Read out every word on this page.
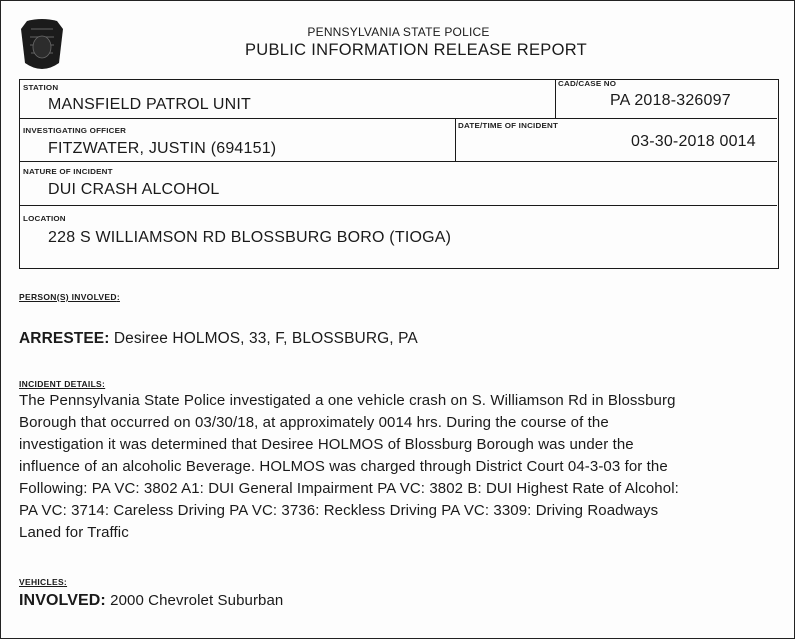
PENNSYLVANIA STATE POLICE
PUBLIC INFORMATION RELEASE REPORT
STATION
MANSFIELD PATROL UNIT
CAD/CASE NO
PA 2018-326097
INVESTIGATING OFFICER
FITZWATER, JUSTIN (694151)
DATE/TIME OF INCIDENT
03-30-2018 0014
NATURE OF INCIDENT
DUI CRASH ALCOHOL
LOCATION
228 S WILLIAMSON RD BLOSSBURG BORO (TIOGA)
PERSON(S) INVOLVED:
ARRESTEE: Desiree HOLMOS, 33, F, BLOSSBURG, PA
INCIDENT DETAILS:
The Pennsylvania State Police investigated a one vehicle crash on S. Williamson Rd in Blossburg
Borough that occurred on 03/30/18, at approximately 0014 hrs. During the course of the
investigation it was determined that Desiree HOLMOS of Blossburg Borough was under the
influence of an alcoholic Beverage. HOLMOS was charged through District Court 04-3-03 for the
Following: PA VC: 3802 A1: DUI General Impairment PA VC: 3802 B: DUI Highest Rate of Alcohol:
PA VC: 3714: Careless Driving PA VC: 3736: Reckless Driving PA VC: 3309: Driving Roadways
Laned for Traffic
VEHICLES:
INVOLVED: 2000 Chevrolet Suburban
